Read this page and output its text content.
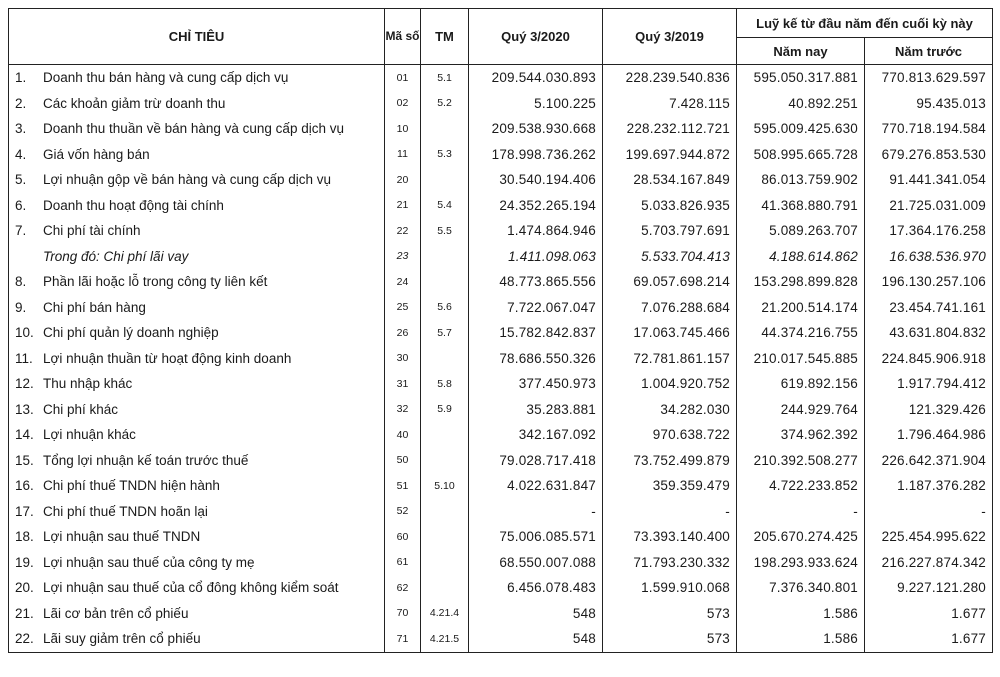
CHỈ TIÊU	Mã số	TM	Quý 3/2020	Quý 3/2019	Luỹ kế từ đầu năm đến cuối kỳ này	
					Năm nay	Năm trước
1. Doanh thu bán hàng và cung cấp dịch vụ	01	5.1	209.544.030.893	228.239.540.836	595.050.317.881	770.813.629.597
2. Các khoản giảm trừ doanh thu	02	5.2	5.100.225	7.428.115	40.892.251	95.435.013
3. Doanh thu thuần về bán hàng và cung cấp dịch vụ	10		209.538.930.668	228.232.112.721	595.009.425.630	770.718.194.584
4. Giá vốn hàng bán	11	5.3	178.998.736.262	199.697.944.872	508.995.665.728	679.276.853.530
5. Lợi nhuận gộp về bán hàng và cung cấp dịch vụ	20		30.540.194.406	28.534.167.849	86.013.759.902	91.441.341.054
6. Doanh thu hoạt động tài chính	21	5.4	24.352.265.194	5.033.826.935	41.368.880.791	21.725.031.009
7. Chi phí tài chính	22	5.5	1.474.864.946	5.703.797.691	5.089.263.707	17.364.176.258
Trong đó: Chi phí lãi vay	23		1.411.098.063	5.533.704.413	4.188.614.862	16.638.536.970
8. Phần lãi hoặc lỗ trong công ty liên kết	24		48.773.865.556	69.057.698.214	153.298.899.828	196.130.257.106
9. Chi phí bán hàng	25	5.6	7.722.067.047	7.076.288.684	21.200.514.174	23.454.741.161
10. Chi phí quản lý doanh nghiệp	26	5.7	15.782.842.837	17.063.745.466	44.374.216.755	43.631.804.832
11. Lợi nhuận thuần từ hoạt động kinh doanh	30		78.686.550.326	72.781.861.157	210.017.545.885	224.845.906.918
12. Thu nhập khác	31	5.8	377.450.973	1.004.920.752	619.892.156	1.917.794.412
13. Chi phí khác	32	5.9	35.283.881	34.282.030	244.929.764	121.329.426
14. Lợi nhuận khác	40		342.167.092	970.638.722	374.962.392	1.796.464.986
15. Tổng lợi nhuận kế toán trước thuế	50		79.028.717.418	73.752.499.879	210.392.508.277	226.642.371.904
16. Chi phí thuế TNDN hiện hành	51	5.10	4.022.631.847	359.359.479	4.722.233.852	1.187.376.282
17. Chi phí thuế TNDN hoãn lại	52		-	-	-	-
18. Lợi nhuận sau thuế TNDN	60		75.006.085.571	73.393.140.400	205.670.274.425	225.454.995.622
19. Lợi nhuận sau thuế của công ty mẹ	61		68.550.007.088	71.793.230.332	198.293.933.624	216.227.874.342
20. Lợi nhuận sau thuế của cổ đông không kiểm soát	62		6.456.078.483	1.599.910.068	7.376.340.801	9.227.121.280
21. Lãi cơ bản trên cổ phiếu	70	4.21.4	548	573	1.586	1.677
22. Lãi suy giảm trên cổ phiếu	71	4.21.5	548	573	1.586	1.677
